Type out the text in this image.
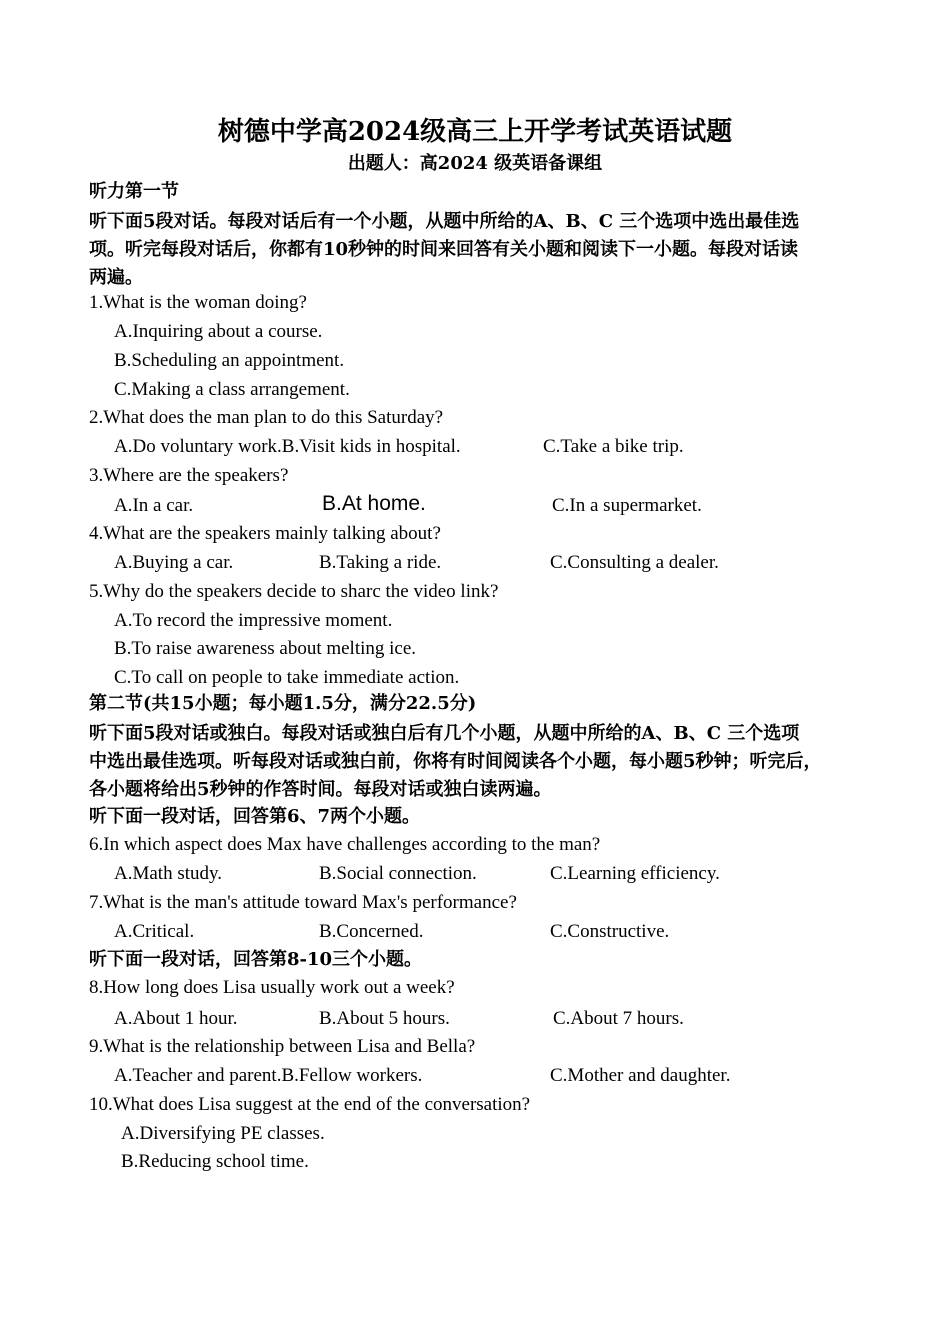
树德中学高2024级高三上开学考试英语试题
出题人：高2024 级英语备课组
听力第一节
听下面5段对话。每段对话后有一个小题，从题中所给的A、B、C 三个选项中选出最佳选
项。听完每段对话后，你都有10秒钟的时间来回答有关小题和阅读下一小题。每段对话读
两遍。
1.What is the woman doing?
A.Inquiring about a course.
B.Scheduling an appointment.
C.Making a class arrangement.
2.What does the man plan to do this Saturday?
A.Do voluntary work.B.Visit kids in hospital.	C.Take a bike trip.
3.Where are the speakers?
A.In a car.	B.At home.	C.In a supermarket.
4.What are the speakers mainly talking about?
A.Buying a car.	B.Taking a ride.	C.Consulting a dealer.
5.Why do the speakers decide to sharc the video link?
A.To record the impressive moment.
B.To raise awareness about melting ice.
C.To call on people to take immediate action.
第二节(共15小题；每小题1.5分，满分22.5分)
听下面5段对话或独白。每段对话或独白后有几个小题，从题中所给的A、B、C 三个选项
中选出最佳选项。听每段对话或独白前，你将有时间阅读各个小题，每小题5秒钟；听完后，
各小题将给出5秒钟的作答时间。每段对话或独白读两遍。
听下面一段对话，回答第6、7两个小题。
6.In which aspect does Max have challenges according to the man?
A.Math study.	B.Social connection.	C.Learning efficiency.
7.What is the man's attitude toward Max's performance?
A.Critical.	B.Concerned.	C.Constructive.
听下面一段对话，回答第8-10三个小题。
8.How long does Lisa usually work out a week?
A.About 1 hour.	B.About 5 hours.	C.About 7 hours.
9.What is the relationship between Lisa and Bella?
A.Teacher and parent.B.Fellow workers.	C.Mother and daughter.
10.What does Lisa suggest at the end of the conversation?
A.Diversifying PE classes.
B.Reducing school time.
